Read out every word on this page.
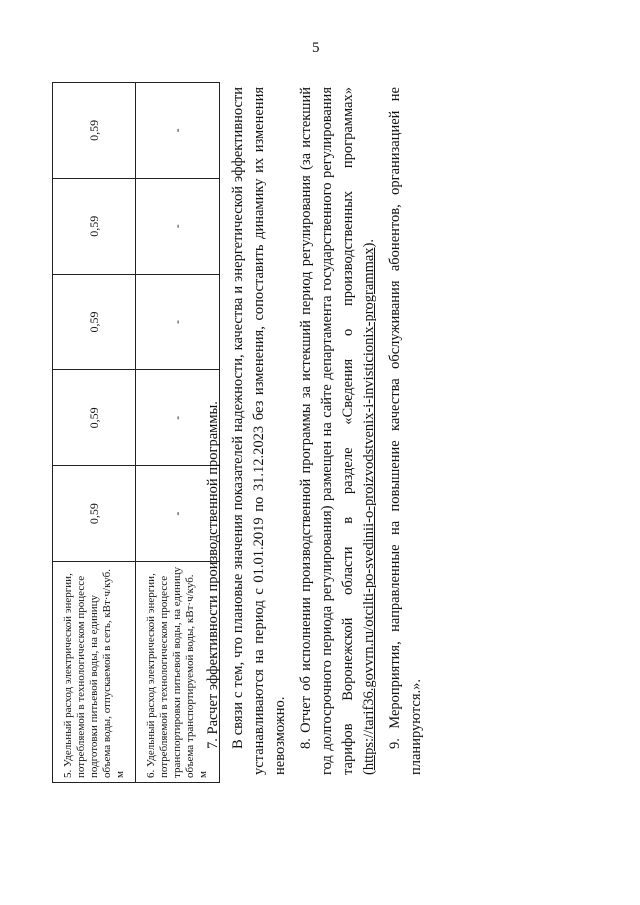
5
5. Удельный расход электрической энергии, потребляемой в технологическом процессе подготовки питьевой воды, на единицу объема воды, отпускаемой в сеть, кВт·ч/куб. м	0,59	0,59	0,59	0,59	0,59
6. Удельный расход электрической энергии, потребляемой в технологическом процессе транспортировки питьевой воды, на единицу объема транспортируемой воды, кВт·ч/куб. м	-	-	-	-	-

7. Расчет эффективности производственной программы. В связи с тем, что плановые значения показателей надежности, качества и энергетической эффективности устанавливаются на период с 01.01.2019 по 31.12.2023 без изменения, сопоставить динамику их изменения невозможно. 8. Отчет об исполнении производственной программы за истекший период регулирования (за истекший год долгосрочного периода регулирования) размещен на сайте департамента государственного регулирования тарифов Воронежской области в разделе «Сведения о производственных программах» (https://tarif36.govvrn.ru/otcilti-po-svedinii-o-proizvodstvenix-i-invisticionix-programmax). 9. Мероприятия, направленные на повышение качества обслуживания абонентов, организацией не планируются.».
